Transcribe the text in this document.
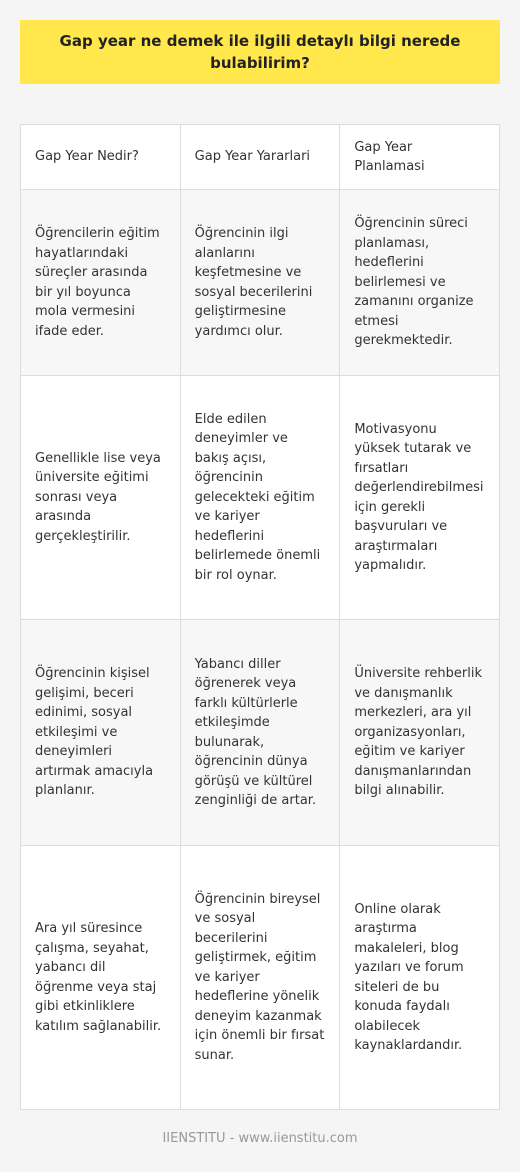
Gap year ne demek ile ilgili detaylı bilgi nerede bulabilirim?
Gap Year Nedir?	Gap Year Yararlari	Gap Year Planlamasi
Öğrencilerin eğitim hayatlarındaki süreçler arasında bir yıl boyunca mola vermesini ifade eder.	Öğrencinin ilgi alanlarını keşfetmesine ve sosyal becerilerini geliştirmesine yardımcı olur.	Öğrencinin süreci planlaması, hedeflerini belirlemesi ve zamanını organize etmesi gerekmektedir.
Genellikle lise veya üniversite eğitimi sonrası veya arasında gerçekleştirilir.	Elde edilen deneyimler ve bakış açısı, öğrencinin gelecekteki eğitim ve kariyer hedeflerini belirlemede önemli bir rol oynar.	Motivasyonu yüksek tutarak ve fırsatları değerlendirebilmesi için gerekli başvuruları ve araştırmaları yapmalıdır.
Öğrencinin kişisel gelişimi, beceri edinimi, sosyal etkileşimi ve deneyimleri artırmak amacıyla planlanır.	Yabancı diller öğrenerek veya farklı kültürlerle etkileşimde bulunarak, öğrencinin dünya görüşü ve kültürel zenginliği de artar.	Üniversite rehberlik ve danışmanlık merkezleri, ara yıl organizasyonları, eğitim ve kariyer danışmanlarından bilgi alınabilir.
Ara yıl süresince çalışma, seyahat, yabancı dil öğrenme veya staj gibi etkinliklere katılım sağlanabilir.	Öğrencinin bireysel ve sosyal becerilerini geliştirmek, eğitim ve kariyer hedeflerine yönelik deneyim kazanmak için önemli bir fırsat sunar.	Online olarak araştırma makaleleri, blog yazıları ve forum siteleri de bu konuda faydalı olabilecek kaynaklardandır.
IIENSTITU - www.iienstitu.com
